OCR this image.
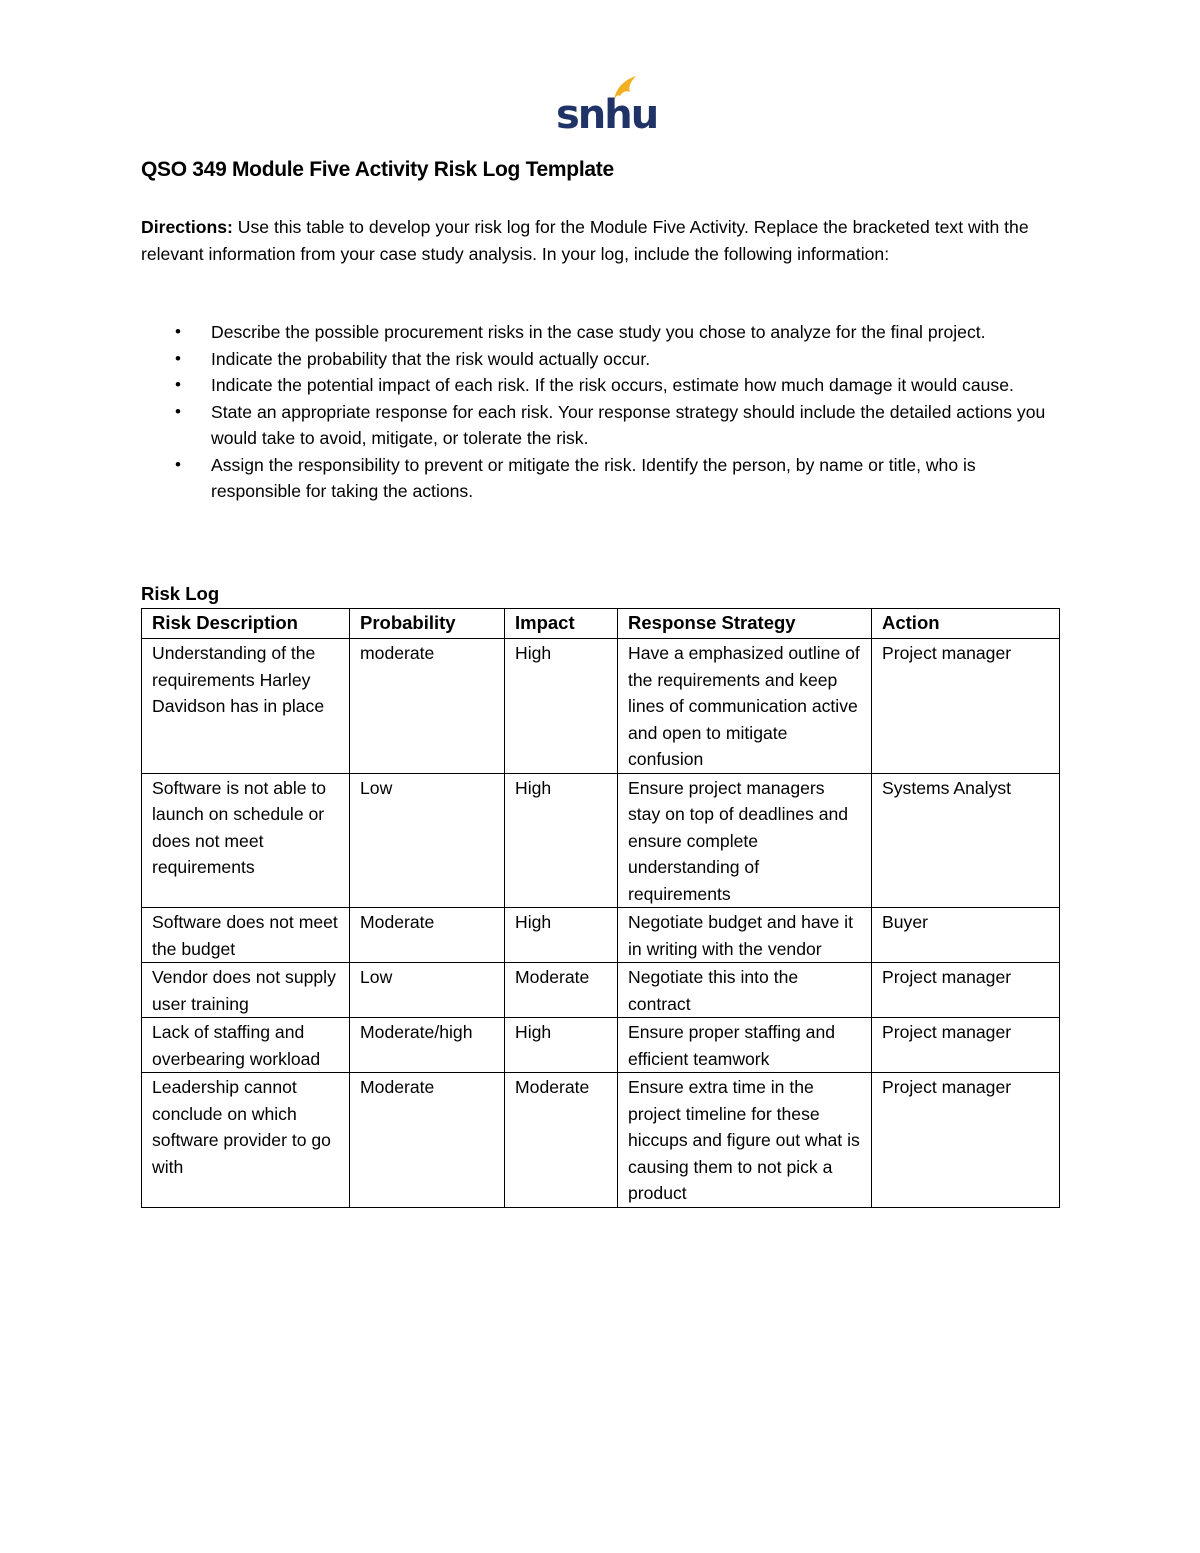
snhu
QSO 349 Module Five Activity Risk Log Template

Directions: Use this table to develop your risk log for the Module Five Activity. Replace the bracketed text with the relevant information from your case study analysis. In your log, include the following information:

• Describe the possible procurement risks in the case study you chose to analyze for the final project.
• Indicate the probability that the risk would actually occur.
• Indicate the potential impact of each risk. If the risk occurs, estimate how much damage it would cause.
• State an appropriate response for each risk. Your response strategy should include the detailed actions you would take to avoid, mitigate, or tolerate the risk.
• Assign the responsibility to prevent or mitigate the risk. Identify the person, by name or title, who is responsible for taking the actions.
Risk Log
Risk Description	Probability	Impact	Response Strategy	Action
Understanding of the requirements Harley Davidson has in place	moderate	High	Have a emphasized outline of the requirements and keep lines of communication active and open to mitigate confusion	Project manager
Software is not able to launch on schedule or does not meet requirements	Low	High	Ensure project managers stay on top of deadlines and ensure complete understanding of requirements	Systems Analyst
Software does not meet the budget	Moderate	High	Negotiate budget and have it in writing with the vendor	Buyer
Vendor does not supply user training	Low	Moderate	Negotiate this into the contract	Project manager
Lack of staffing and overbearing workload	Moderate/high	High	Ensure proper staffing and efficient teamwork	Project manager
Leadership cannot conclude on which software provider to go with	Moderate	Moderate	Ensure extra time in the project timeline for these hiccups and figure out what is causing them to not pick a product	Project manager
